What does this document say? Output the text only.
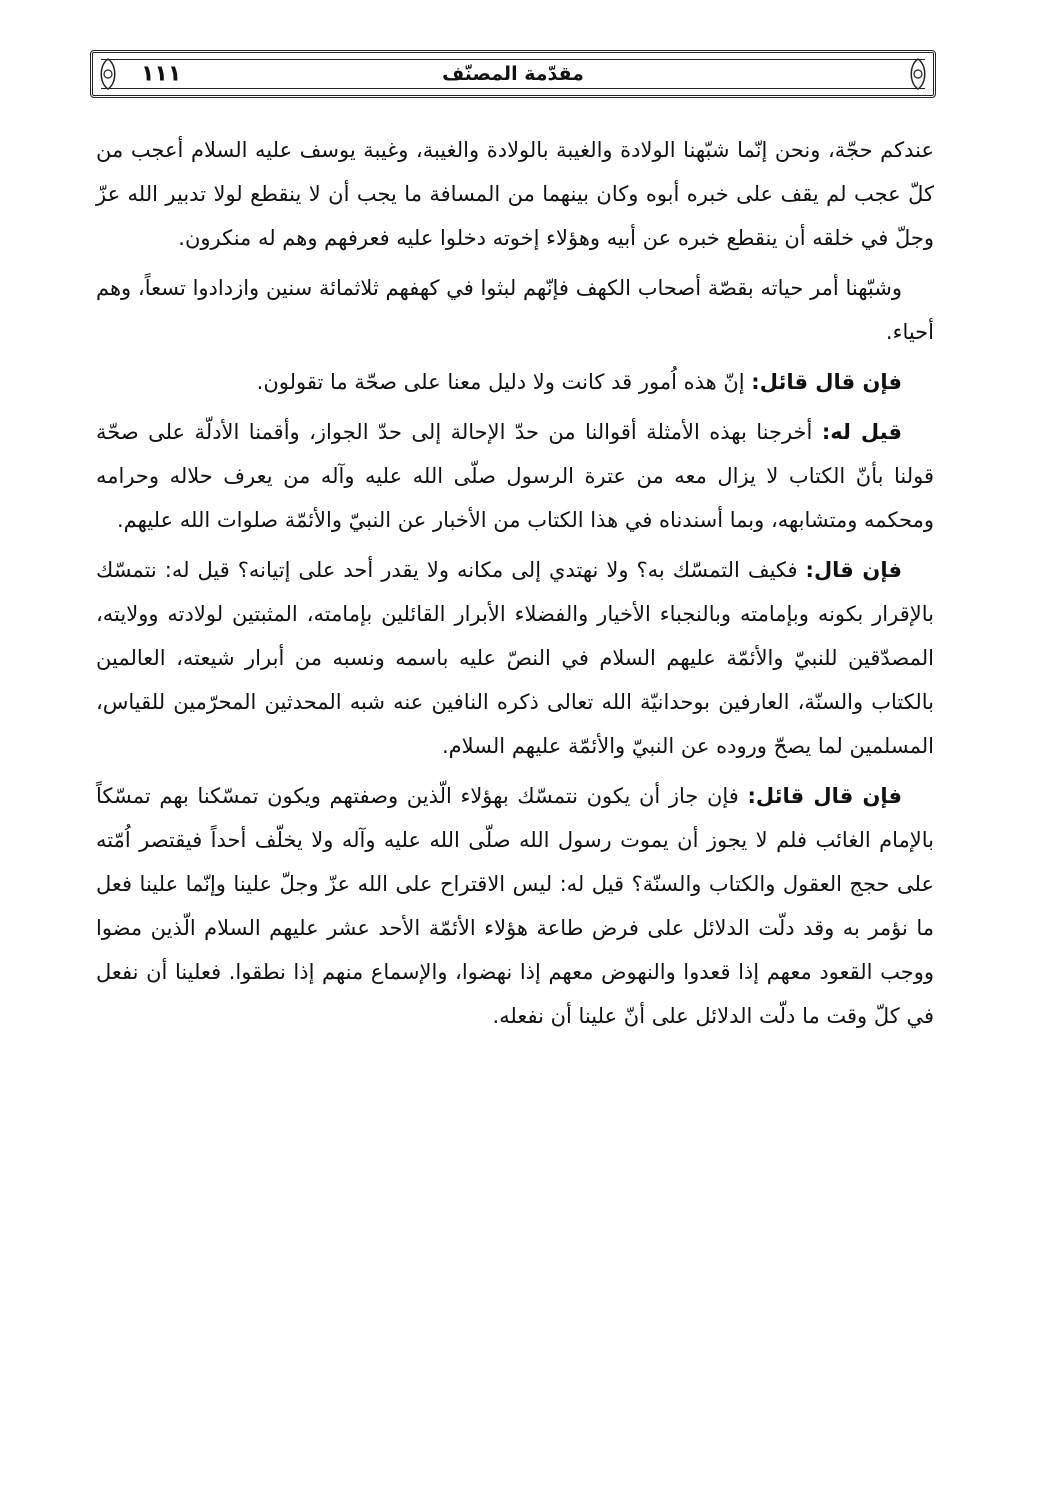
١١١	مقدّمة المصنّف

عندكم حجّة، ونحن إنّما شبّهنا الولادة والغيبة بالولادة والغيبة، وغيبة يوسف عليه السلام أعجب من كلّ عجب لم يقف على خبره أبوه وكان بينهما من المسافة ما يجب أن لا ينقطع لولا تدبير الله عزّ وجلّ في خلقه أن ينقطع خبره عن أبيه وهؤلاء إخوته دخلوا عليه فعرفهم وهم له منكرون.

وشبّهنا أمر حياته بقصّة أصحاب الكهف فإنّهم لبثوا في كهفهم ثلاثمائة سنين وازدادوا تسعاً، وهم أحياء.

فإن قال قائل: إنّ هذه اُمور قد كانت ولا دليل معنا على صحّة ما تقولون.

قيل له: أخرجنا بهذه الأمثلة أقوالنا من حدّ الإحالة إلى حدّ الجواز، وأقمنا الأدلّة على صحّة قولنا بأنّ الكتاب لا يزال معه من عترة الرسول صلّى الله عليه وآله من يعرف حلاله وحرامه ومحكمه ومتشابهه، وبما أسندناه في هذا الكتاب من الأخبار عن النبيّ والأئمّة صلوات الله عليهم.

فإن قال: فكيف التمسّك به؟ ولا نهتدي إلى مكانه ولا يقدر أحد على إتيانه؟ قيل له: نتمسّك بالإقرار بكونه وبإمامته وبالنجباء الأخيار والفضلاء الأبرار القائلين بإمامته، المثبتين لولادته وولايته، المصدّقين للنبيّ والأئمّة عليهم السلام في النصّ عليه باسمه ونسبه من أبرار شيعته، العالمين بالكتاب والسنّة، العارفين بوحدانيّة الله تعالى ذكره النافين عنه شبه المحدثين المحرّمين للقياس، المسلمين لما يصحّ وروده عن النبيّ والأئمّة عليهم السلام.

فإن قال قائل: فإن جاز أن يكون نتمسّك بهؤلاء الّذين وصفتهم ويكون تمسّكنا بهم تمسّكاً بالإمام الغائب فلم لا يجوز أن يموت رسول الله صلّى الله عليه وآله ولا يخلّف أحداً فيقتصر اُمّته على حجج العقول والكتاب والسنّة؟ قيل له: ليس الاقتراح على الله عزّ وجلّ علينا وإنّما علينا فعل ما نؤمر به وقد دلّت الدلائل على فرض طاعة هؤلاء الأئمّة الأحد عشر عليهم السلام الّذين مضوا ووجب القعود معهم إذا قعدوا والنهوض معهم إذا نهضوا، والإسماع منهم إذا نطقوا. فعلينا أن نفعل في كلّ وقت ما دلّت الدلائل على أنّ علينا أن نفعله.
